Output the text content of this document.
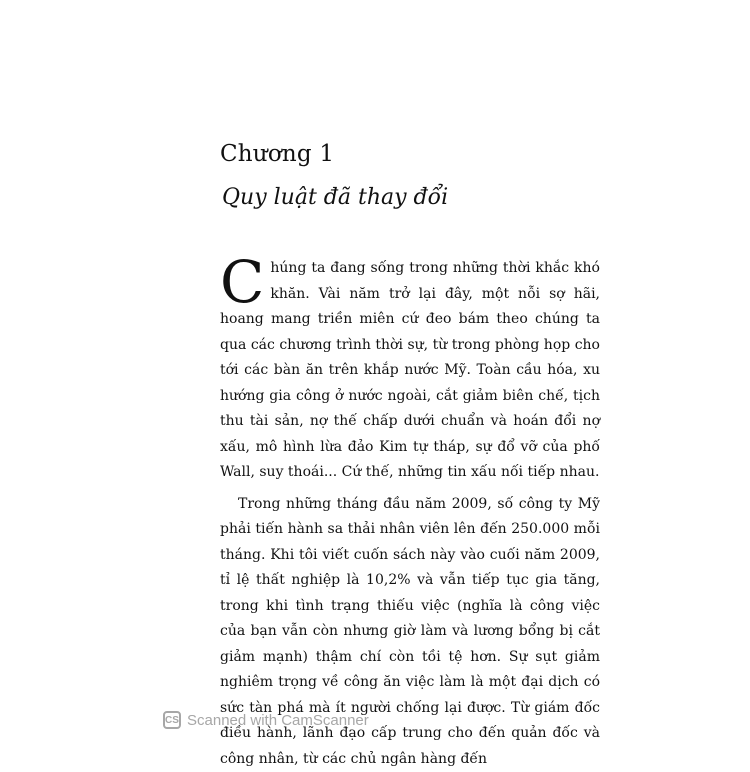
Chương 1
Quy luật đã thay đổi

Chúng ta đang sống trong những thời khắc khó khăn. Vài năm trở lại đây, một nỗi sợ hãi, hoang mang triền miên cứ đeo bám theo chúng ta qua các chương trình thời sự, từ trong phòng họp cho tới các bàn ăn trên khắp nước Mỹ. Toàn cầu hóa, xu hướng gia công ở nước ngoài, cắt giảm biên chế, tịch thu tài sản, nợ thế chấp dưới chuẩn và hoán đổi nợ xấu, mô hình lừa đảo Kim tự tháp, sự đổ vỡ của phố Wall, suy thoái... Cứ thế, những tin xấu nối tiếp nhau.

Trong những tháng đầu năm 2009, số công ty Mỹ phải tiến hành sa thải nhân viên lên đến 250.000 mỗi tháng. Khi tôi viết cuốn sách này vào cuối năm 2009, tỉ lệ thất nghiệp là 10,2% và vẫn tiếp tục gia tăng, trong khi tình trạng thiếu việc (nghĩa là công việc của bạn vẫn còn nhưng giờ làm và lương bổng bị cắt giảm mạnh) thậm chí còn tồi tệ hơn. Sự sụt giảm nghiêm trọng về công ăn việc làm là một đại dịch có sức tàn phá mà ít người chống lại được. Từ giám đốc điều hành, lãnh đạo cấp trung cho đến quản đốc và công nhân, từ các chủ ngân hàng đến

CS Scanned with CamScanner
